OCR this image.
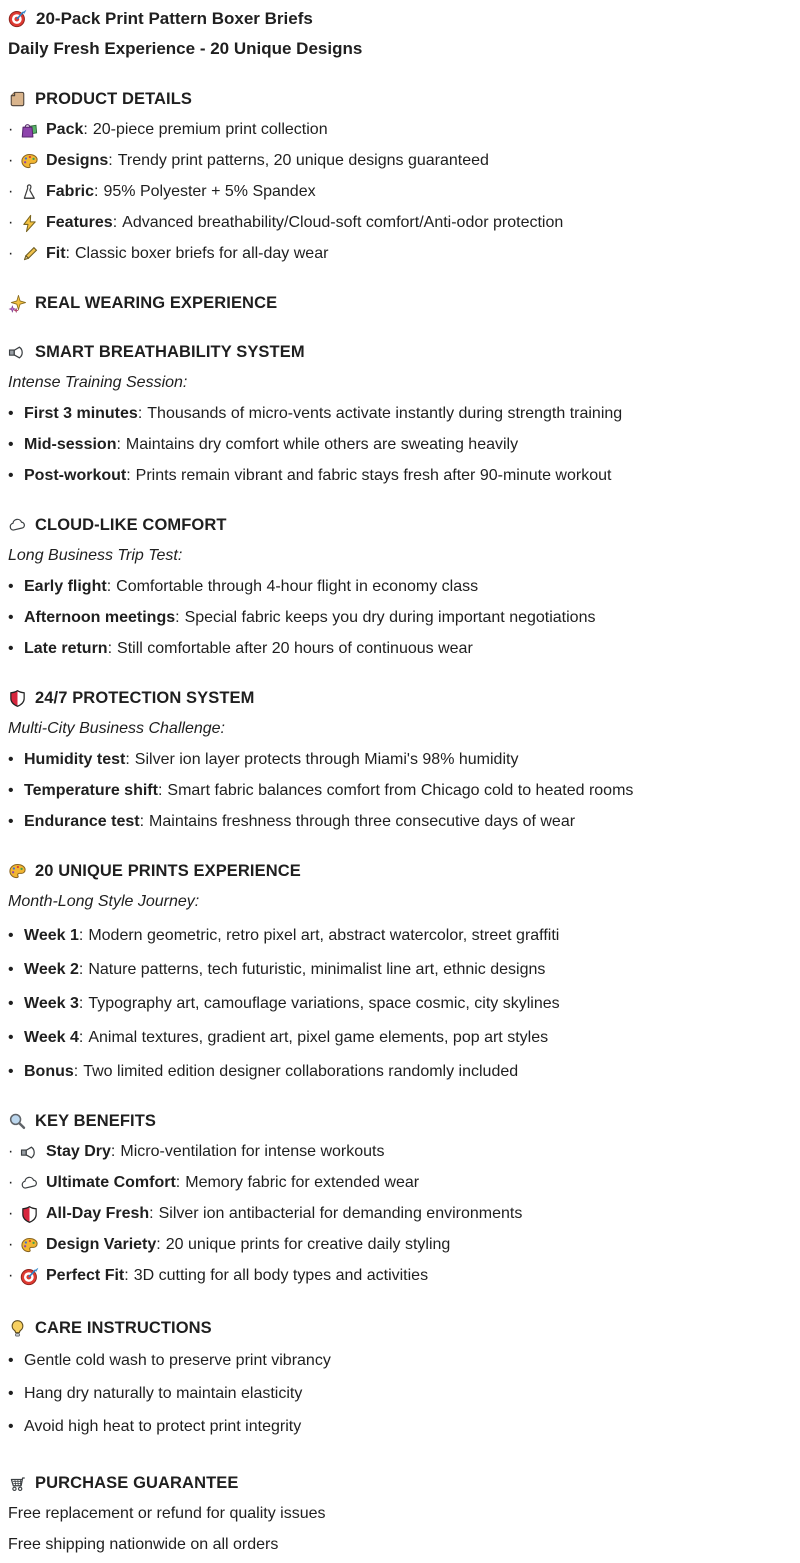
20-Pack Print Pattern Boxer Briefs
Daily Fresh Experience - 20 Unique Designs
PRODUCT DETAILS
·	Pack : 20-piece premium print collection
·	Designs : Trendy print patterns, 20 unique designs guaranteed
·	Fabric : 95% Polyester + 5% Spandex
·	Features : Advanced breathability/Cloud-soft comfort/Anti-odor protection
·	Fit : Classic boxer briefs for all-day wear
REAL WEARING EXPERIENCE
SMART BREATHABILITY SYSTEM
Intense Training Session:
• First 3 minutes : Thousands of micro-vents activate instantly during strength training
• Mid-session : Maintains dry comfort while others are sweating heavily
• Post-workout : Prints remain vibrant and fabric stays fresh after 90-minute workout
CLOUD-LIKE COMFORT
Long Business Trip Test:
• Early flight : Comfortable through 4-hour flight in economy class
• Afternoon meetings : Special fabric keeps you dry during important negotiations
• Late return : Still comfortable after 20 hours of continuous wear
24/7 PROTECTION SYSTEM
Multi-City Business Challenge:
• Humidity test : Silver ion layer protects through Miami's 98% humidity
• Temperature shift : Smart fabric balances comfort from Chicago cold to heated rooms
• Endurance test : Maintains freshness through three consecutive days of wear
20 UNIQUE PRINTS EXPERIENCE
Month-Long Style Journey:
• Week 1 : Modern geometric, retro pixel art, abstract watercolor, street graffiti
• Week 2 : Nature patterns, tech futuristic, minimalist line art, ethnic designs
• Week 3 : Typography art, camouflage variations, space cosmic, city skylines
• Week 4 : Animal textures, gradient art, pixel game elements, pop art styles
• Bonus : Two limited edition designer collaborations randomly included
KEY BENEFITS
·	Stay Dry : Micro-ventilation for intense workouts
·	Ultimate Comfort : Memory fabric for extended wear
·	All-Day Fresh : Silver ion antibacterial for demanding environments
·	Design Variety : 20 unique prints for creative daily styling
·	Perfect Fit : 3D cutting for all body types and activities
CARE INSTRUCTIONS
• Gentle cold wash to preserve print vibrancy
• Hang dry naturally to maintain elasticity
• Avoid high heat to protect print integrity
PURCHASE GUARANTEE
Free replacement or refund for quality issues
Free shipping nationwide on all orders
